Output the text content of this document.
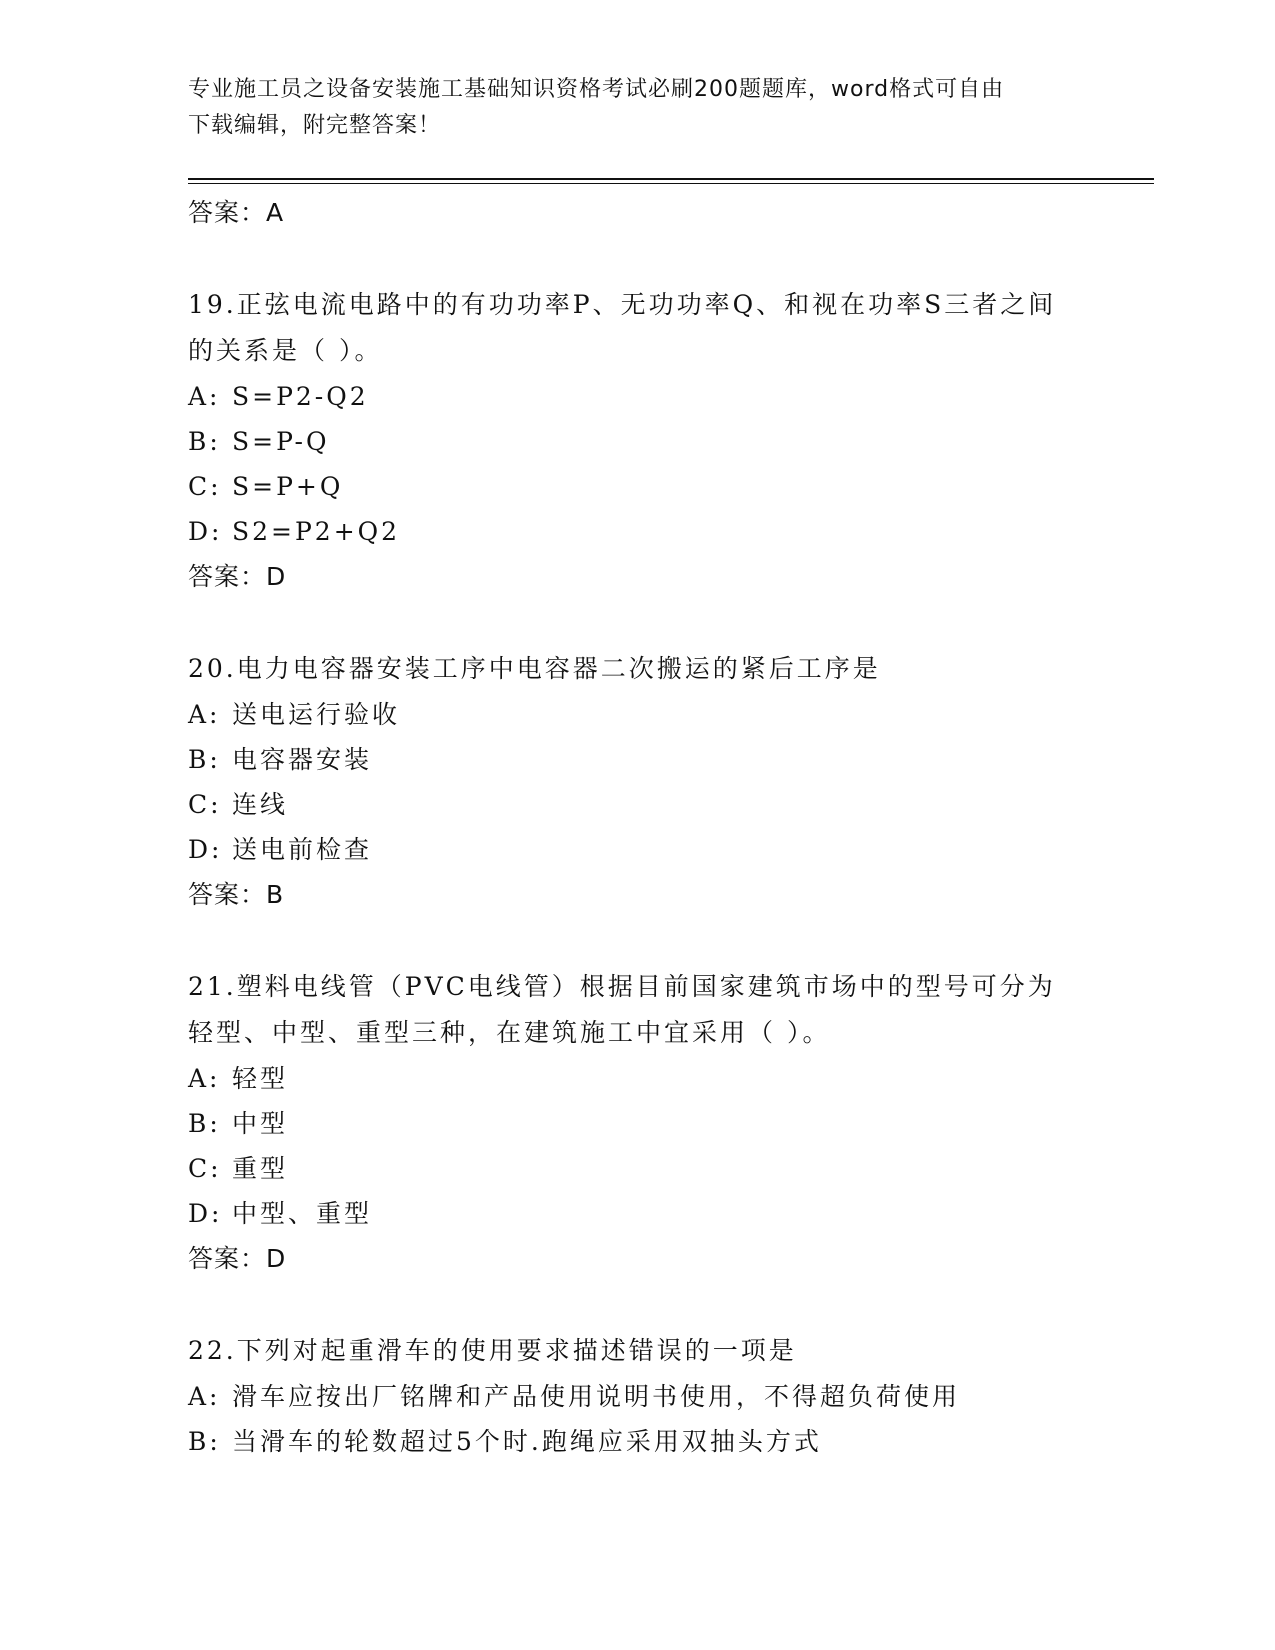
专业施工员之设备安装施工基础知识资格考试必刷200题题库，word格式可自由
下载编辑，附完整答案！
答案：A
19.正弦电流电路中的有功功率P、无功功率Q、和视在功率S三者之间的关系是（ ）。
A: S=P2-Q2
B: S=P-Q
C: S=P+Q
D: S2=P2+Q2
答案：D
20.电力电容器安装工序中电容器二次搬运的紧后工序是
A: 送电运行验收
B: 电容器安装
C: 连线
D: 送电前检查
答案：B
21.塑料电线管（PVC电线管）根据目前国家建筑市场中的型号可分为轻型、中型、重型三种，在建筑施工中宜采用（ ）。
A: 轻型
B: 中型
C: 重型
D: 中型、重型
答案：D
22.下列对起重滑车的使用要求描述错误的一项是
A: 滑车应按出厂铭牌和产品使用说明书使用，不得超负荷使用
B: 当滑车的轮数超过5个时.跑绳应采用双抽头方式
